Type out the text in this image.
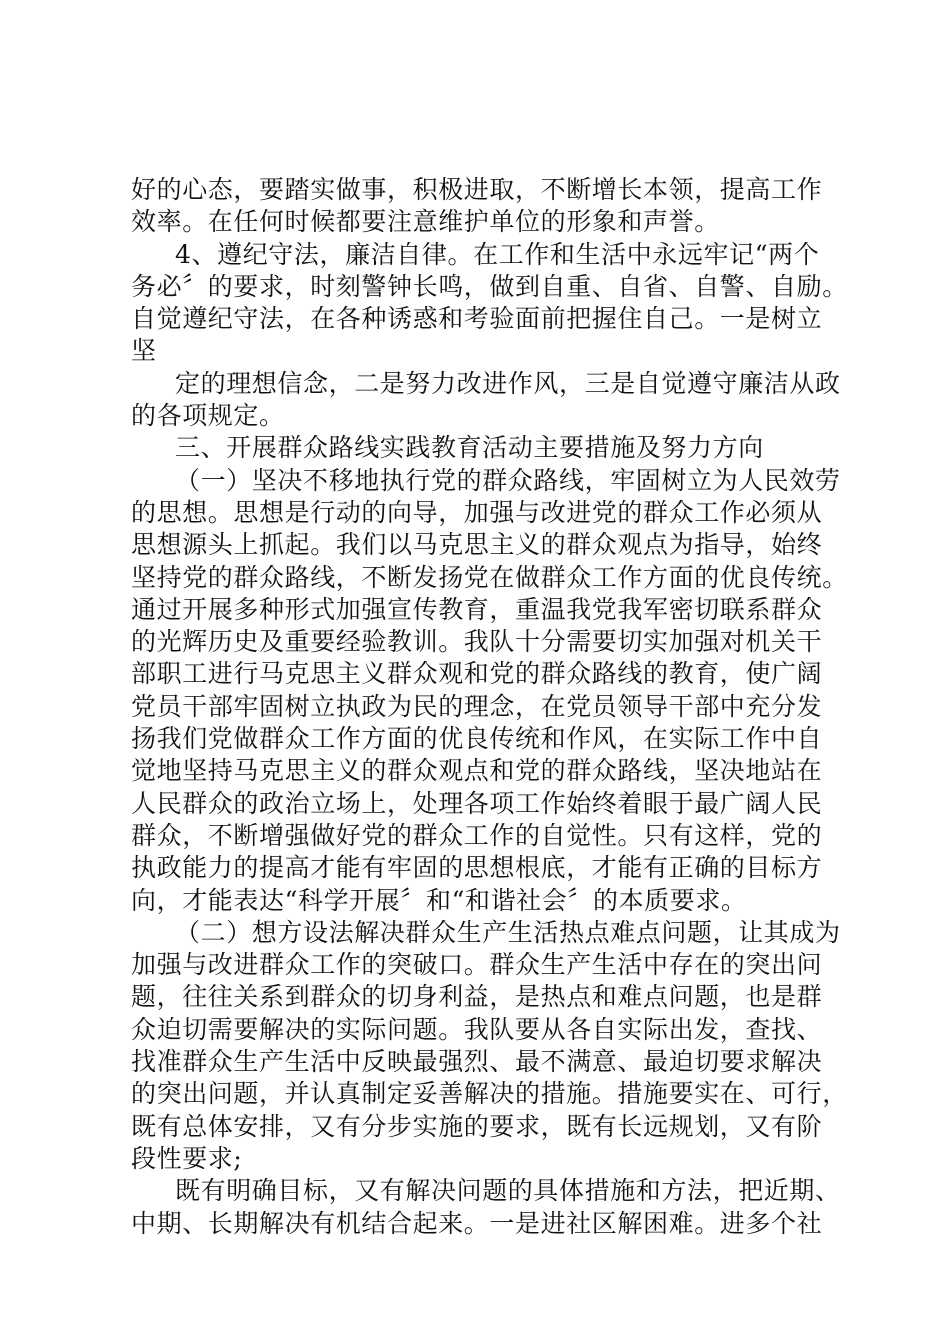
好的心态，要踏实做事，积极进取，不断增长本领，提高工作
效率。在任何时候都要注意维护单位的形象和声誉。
4、遵纪守法，廉洁自律。在工作和生活中永远牢记“两个
务必〞的要求，时刻警钟长鸣，做到自重、自省、自警、自励。
自觉遵纪守法，在各种诱惑和考验面前把握住自己。一是树立
坚
定的理想信念，二是努力改进作风，三是自觉遵守廉洁从政
的各项规定。
三、开展群众路线实践教育活动主要措施及努力方向
（一）坚决不移地执行党的群众路线，牢固树立为人民效劳
的思想。思想是行动的向导，加强与改进党的群众工作必须从
思想源头上抓起。我们以马克思主义的群众观点为指导，始终
坚持党的群众路线，不断发扬党在做群众工作方面的优良传统。
通过开展多种形式加强宣传教育，重温我党我军密切联系群众
的光辉历史及重要经验教训。我队十分需要切实加强对机关干
部职工进行马克思主义群众观和党的群众路线的教育，使广阔
党员干部牢固树立执政为民的理念，在党员领导干部中充分发
扬我们党做群众工作方面的优良传统和作风，在实际工作中自
觉地坚持马克思主义的群众观点和党的群众路线，坚决地站在
人民群众的政治立场上，处理各项工作始终着眼于最广阔人民
群众，不断增强做好党的群众工作的自觉性。只有这样，党的
执政能力的提高才能有牢固的思想根底，才能有正确的目标方
向，才能表达“科学开展〞和“和谐社会〞的本质要求。
（二）想方设法解决群众生产生活热点难点问题，让其成为
加强与改进群众工作的突破口。群众生产生活中存在的突出问
题，往往关系到群众的切身利益，是热点和难点问题，也是群
众迫切需要解决的实际问题。我队要从各自实际出发，查找、
找准群众生产生活中反映最强烈、最不满意、最迫切要求解决
的突出问题，并认真制定妥善解决的措施。措施要实在、可行，
既有总体安排，又有分步实施的要求，既有长远规划，又有阶
段性要求;
既有明确目标，又有解决问题的具体措施和方法，把近期、
中期、长期解决有机结合起来。一是进社区解困难。进多个社
